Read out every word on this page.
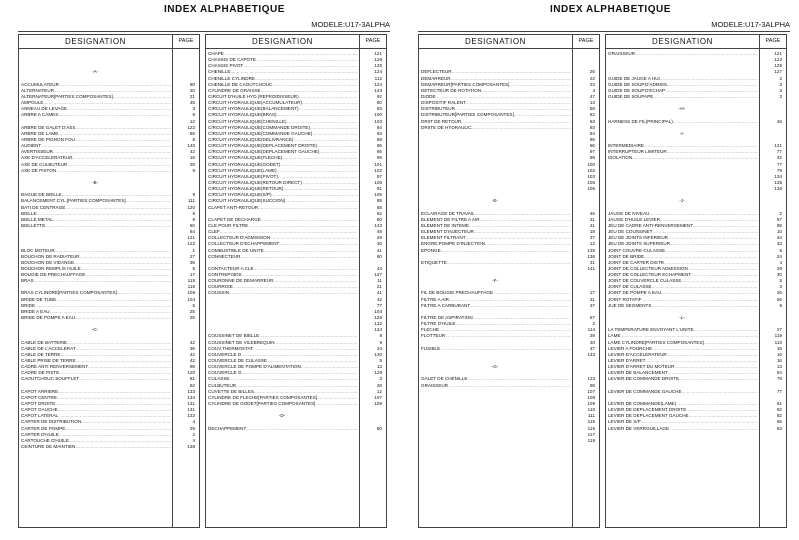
INDEX ALPHABETIQUE
MODELE:U17-3ALPHA
DESIGNATION	PAGE
-A-
ACCUMULATEUR .....	90
ALTERNATEUR .....	20
ALTERNATEUR[PARTIES COMPOSANTES] .....	21
AMPOULE .....	45
ANNEAU DE LEVAGE .....	3
ARBRE A CAMES .....	8
12
ARBRE DE GALET D'ASS .....	122
ARBRE DE LAME .....	86
ARBRE DE PIGNON FOU .....	8
AUDIENT .....	140
AVERTISSEUR .....	42
AXE D'ACCELERATEUR .....	16
AXE DE CULBUTEUR .....	28
AXE DE PISTON .....	9
-B-
BAGUE DE BIELLE .....	9
BALANCEMENT CYL.[PARTIES COMPOSANTES] .....	111
BATI DE CENTRAGE .....	120
BIELLE .....	9
BIELLE METAL .....	9
BIELLETTE .....	60
84
121
122
BLOC MOTEUR .....	1
BOUCHON DE RADIATEUR .....	27
BOUCHON DE VIDANGE .....	35
BOUCHON REMPLIS HUILE .....	5
BOUGIE DE PRECHAUFFAGE .....	17
BRAS .....	115
116
BRAS CYLINDRE[PARTIES COMPOSANTES] .....	108
BRIDE DE TUBE .....	104
BRIDE .....	5
BRIDE A EAU .....	25
BRIDE DE POMPE A EAU .....	25
-C-
CABLE DE BATTERIE .....	42
CABLE DE L'ACCELERAT .....	36
CABLE DE TERRE .....	42
CABLE PRISE DE TERRE .....	42
CADRE ANTI RENVERSEMENT .....	98
CADRE DE PISTE .....	120
CAOUTCHOUC SOUFFLET .....	81
82
CAPOT ARRIERE .....	133
CAPOT CENTRE .....	134
CAPOT DROITE .....	131
CAPOT GAUCHE .....	131
CAPOT LATERAL .....	132
CARTER DE DISTRIBUTION .....	4
CARTER DE POMPE .....	29
CARTER D'HUILE .....	2
CARTOUCHE D'HUILE .....	4
CEINTURE DE MAINTIEN .....	138
DESIGNATION	PAGE
CHAPE .....	121
CHASSIS DE CAPOTE .....	126
CHASSIS PIVOT .....	125
CHENILLE .....	124
CHENILLE CYLINDRE .....	112
CHENILLE DE CAOUTCHOUC .....	124
CYLINDRE DE GRAISSE .....	143
CIRCUIT D'HUILE HYD.(REFROIDISSEUR) .....	92
CIRCUIT HYDRAULIQUE(ACCUMULATEUR) .....	90
CIRCUIT HYDRAULIQUE(BALANCEMENT) .....	93
CIRCUIT HYDRAULIQUE(BRAS) .....	100
CIRCUIT HYDRAULIQUE(CHENILLE) .....	103
CIRCUIT HYDRAULIQUE(COMMANDE DROITE) .....	94
CIRCUIT HYDRAULIQUE(COMMANDE GAUCHE) .....	93
CIRCUIT HYDRAULIQUE(DELIVRANCE) .....	89
CIRCUIT HYDRAULIQUE(DEPLACEMENT DROITE) .....	96
CIRCUIT HYDRAULIQUE(DEPLACEMENT GAUCHE) .....	95
CIRCUIT HYDRAULIQUE(FLECHE) .....	99
CIRCUIT HYDRAULIQUE(GODET) .....	101
CIRCUIT HYDRAULIQUE(LAME) .....	102
CIRCUIT HYDRAULIQUE(PIVOT) .....	97
CIRCUIT HYDRAULIQUE(RETOUR DIRECT) .....	106
CIRCUIT HYDRAULIQUE(RETOUR) .....	91
CIRCUIT HYDRAULIQUE(S/P) .....	105
CIRCUIT HYDRAULIQUE(SUCCION) .....	88
CLAPET ANTI-RETOUR .....	58
62
CLAPET DE DECHARGE .....	60
CLE POUR FILTRE .....	143
CLEF .....	48
COLLECTEUR D'ADMISSION .....	29
COLLECTEUR D'ECHAPPEMENT .....	30
COMBUSTIBLE DE UNITE .....	41
CONNECTEUR .....	60
CONTACTEUR A CLE .....	44
CONTREPOIDS .....	137
COURONNE DE DEMARREUR .....	11
COURROIE .....	21
COUSSIN .....	41
42
77
104
125
132
134
COUSSINET DE BIELLE .....	9
COUSSINET DE VILEBREQUIN .....	9
COUV.THERMOSTAT .....	24
COUVERCLE D .....	130
COUVERCLE DE CULASSE .....	5
COUVERCLE DE POMPE D'ALIMENTATION .....	13
COUVERCLE G .....	129
CULASSE .....	3
CULBUTEUR .....	28
CUVETTE DE BILLES .....	12
CYLINDRE DE FLECHE[PARTIES COMPOSANTES] .....	107
CYLINDRE DE GODET[PARTIES COMPOSANTES] .....	109
-D-
DECHAPPEMENT .....	60
INDEX ALPHABETIQUE
MODELE:U17-3ALPHA
DESIGNATION	PAGE
DEFLECTEUR .....	26
DEMARREUR .....	22
DEMARREUR[PARTIES COMPOSANTES] .....	23
DETECTEUR DE ROTATION .....	4
DIODE .....	47
DISPOSITIF RALENT .....	13
DISTRIBUTEUR .....	58
DISTRIBUTEUR[PARTIES COMPOSANTES] .....	62
DRIIT DE RETOUR .....	93
DRIITE DE HYDRAULIC .....	93
94
95
96
97
99
100
102
103
105
106
-E-
ECLAIRAGE DE TRAVAIL .....	45
ELEMENT DE FILTRE A AIR .....	31
ELEMENT DE INTEME .....	31
ELEMENT D'INJECTEUR .....	18
ELEMENT FILTRANT .....	37
ENGRE.POMPE D'INJECTION .....	12
EPONGE .....	135
136
ETIQUETTE .....	31
141
-F-
FIL DE BOUGIE PRECHAUFFAGE .....	17
FILTRE A AIR .....	31
FILTRE A CARBURANT .....	37
FILTRE DE ASPIRATION .....	57
FILTRE D'HUILE .....	2
FLECHE .....	114
FLOTTEUR .....	39
40
FUSIBLE .....	47
143
-G-
GALET DE CHENILLE .....	123
GRAISSEUR .....	98
107
108
109
110
111
115
116
117
119
DESIGNATION	PAGE
GRAISSEUR .....	121
122
125
127
GUIDE DE JAUGE A HUI .....	2
GUIDE DE SOUP.D'ADMISS. .....	3
GUIDE DE SOUP.D'ECHAP .....	3
GUIDE DE SOUPAPE .....	3
-H-
HARNESS DE FIL(PRINCIPAL) .....	46
-I-
INTERMEDIAIRE .....	121
INTERRUPTEUR LIMITEUR .....	77
ISOLATION .....	32
77
79
134
135
136
-J-
JAUGE DE NIVEAU .....	2
JAUGE D'HUILE LEVIER .....	57
JEU DE CADRE ANTI-RENVERSEMENT .....	98
JEU DE COUSSINET .....	10
JEU DE JOINTS INFERIEUR .....	34
JEU DE JOINTS SUPERIEUR .....	33
JOINT COUVRE-CULASSE .....	5
JOINT DE BRIDE .....	24
JOINT DE CARTER DISTR .....	4
JOINT DE COLLECTEUR ADMISSION .....	29
JOINT DE COLLECTEUR ECHAPMENT .....	30
JOINT DE COUVERCLE CULASSE .....	5
JOINT DE CULASSE .....	3
JOINT DE POMPE A EAU .....	25
JOINT ROTATIF .....	56
JUE DE SEGMENTS .....	9
-L-
LA TEMPERATURE ENVOYANT L'UNITE .....	27
LAME .....	119
LAME CYLINDRE[PARTIES COMPOSANTES] .....	110
LEVIER A FOURCHE .....	15
LEVIER D'ACCELERATEUR .....	16
LEVIER D'ARRET .....	16
LEVIER D'ARRET DU MOTEUR .....	13
LEVIER DE BALANCEMENT .....	84
LEVIER DE COMMANDE DROITE .....	79
LEVIER DE COMMANDE GAUCHE .....	77
LEVIER DE COMMANDE(LAME) .....	81
LEVIER DE DEPLACEMENT DROITE .....	82
LEVIER DE DEPLACEMENT GAUCHE .....	82
LEVIER DE S/P .....	85
LEVIER DE VERROUILLAGE .....	83
